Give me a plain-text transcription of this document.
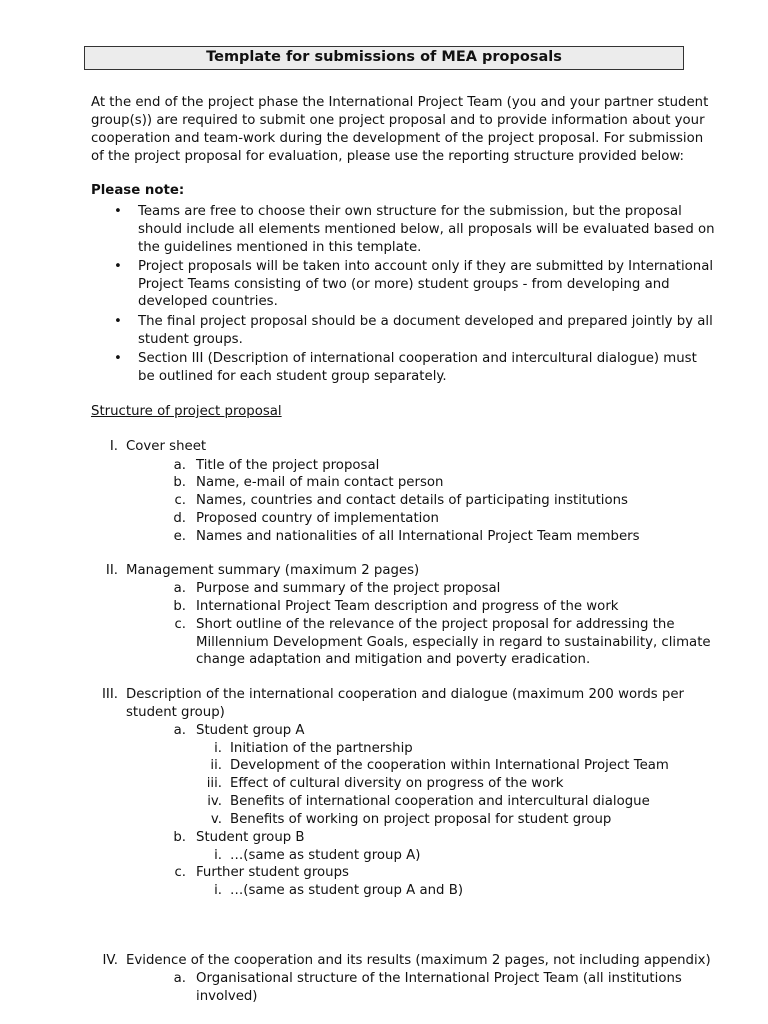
Template for submissions of MEA proposals
At the end of the project phase the International Project Team (you and your partner student
group(s)) are required to submit one project proposal and to provide information about your
cooperation and team-work during the development of the project proposal. For submission
of the project proposal for evaluation, please use the reporting structure provided below:
Please note:
• Teams are free to choose their own structure for the submission, but the proposal
should include all elements mentioned below, all proposals will be evaluated based on
the guidelines mentioned in this template.
• Project proposals will be taken into account only if they are submitted by International
Project Teams consisting of two (or more) student groups - from developing and
developed countries.
• The final project proposal should be a document developed and prepared jointly by all
student groups.
• Section III (Description of international cooperation and intercultural dialogue) must
be outlined for each student group separately.
Structure of project proposal
I. Cover sheet
a. Title of the project proposal
b. Name, e-mail of main contact person
c. Names, countries and contact details of participating institutions
d. Proposed country of implementation
e. Names and nationalities of all International Project Team members
II. Management summary (maximum 2 pages)
a. Purpose and summary of the project proposal
b. International Project Team description and progress of the work
c. Short outline of the relevance of the project proposal for addressing the
Millennium Development Goals, especially in regard to sustainability, climate
change adaptation and mitigation and poverty eradication.
III. Description of the international cooperation and dialogue (maximum 200 words per
student group)
a. Student group A
i. Initiation of the partnership
ii. Development of the cooperation within International Project Team
iii. Effect of cultural diversity on progress of the work
iv. Benefits of international cooperation and intercultural dialogue
v. Benefits of working on project proposal for student group
b. Student group B
i. …(same as student group A)
c. Further student groups
i. …(same as student group A and B)
IV. Evidence of the cooperation and its results (maximum 2 pages, not including appendix)
a. Organisational structure of the International Project Team (all institutions
involved)
